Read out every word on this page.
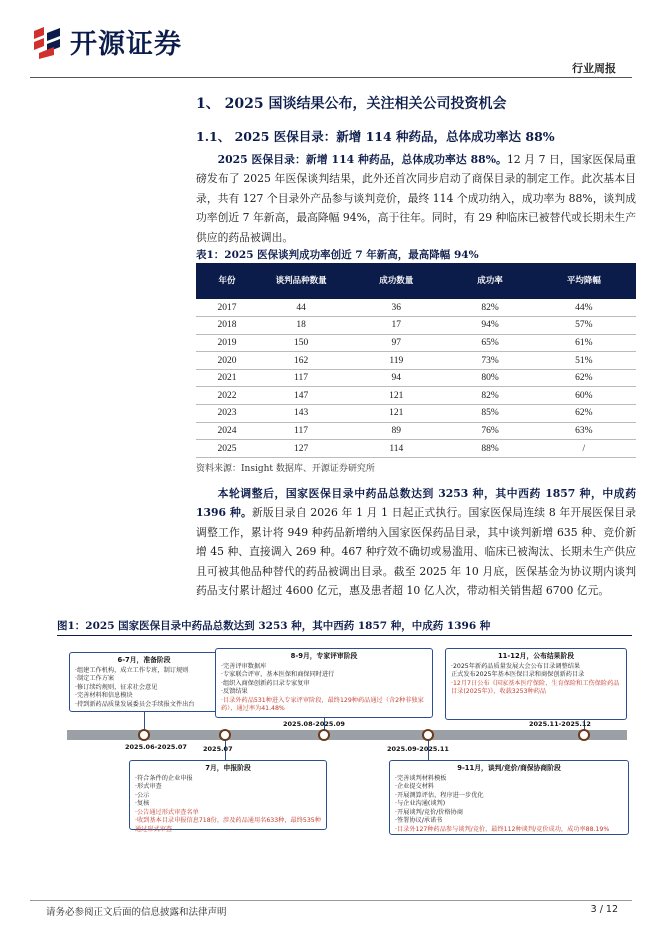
开源证券
行业周报
1、 2025 国谈结果公布，关注相关公司投资机会
1.1、 2025 医保目录：新增 114 种药品，总体成功率达 88%
2025 医保目录：新增 114 种药品，总体成功率达 88%。12 月 7 日，国家医保局重磅发布了 2025 年医保谈判结果，此外还首次同步启动了商保目录的制定工作。此次基本目录，共有 127 个目录外产品参与谈判竞价，最终 114 个成功纳入，成功率为 88%，谈判成功率创近 7 年新高，最高降幅 94%，高于往年。同时，有 29 种临床已被替代或长期未生产供应的药品被调出。
表1：2025 医保谈判成功率创近 7 年新高，最高降幅 94%
年份	谈判品种数量	成功数量	成功率	平均降幅
2017	44	36	82%	44%
2018	18	17	94%	57%
2019	150	97	65%	61%
2020	162	119	73%	51%
2021	117	94	80%	62%
2022	147	121	82%	60%
2023	143	121	85%	62%
2024	117	89	76%	63%
2025	127	114	88%	/
资料来源：Insight 数据库、开源证券研究所
本轮调整后，国家医保目录中药品总数达到 3253 种，其中西药 1857 种，中成药 1396 种。新版目录自 2026 年 1 月 1 日起正式执行。国家医保局连续 8 年开展医保目录调整工作，累计将 949 种药品新增纳入国家医保药品目录，其中谈判新增 635 种、竞价新增 45 种、直接调入 269 种。467 种疗效不确切或易滥用、临床已被淘汰、长期未生产供应且可被其他品种替代的药品被调出目录。截至 2025 年 10 月底，医保基金为协议期内谈判药品支付累计超过 4600 亿元，惠及患者超 10 亿人次，带动相关销售超 6700 亿元。
图1：2025 国家医保目录中药品总数达到 3253 种，其中西药 1857 种，中成药 1396 种
6-7月，准备阶段
·组建工作机构，成立工作专班，制订规则
·制定工作方案
·修订续约规则，征求社会意见
·完善材料和信息模块
·持到新药品质量发展委员会手续报文件出台
2025.06-2025.07
7月，申报阶段
·符合条件的企业申报
·形式审查
·公示
·复核
·公告通过形式审查名单
·收到基本目录申报信息718份，涉及药品通用名633种，最终535种通过形式审查
2025.07
8-9月，专家评审阶段
·完善评审数据库
·专家联合评审，基本医保和商保同时进行
·组织入商保创新药目录专家复审
·反馈结果
·目录外药品531种进入专家评审阶段，最终129种药品通过（含2种非独家药），通过率为41.48%
2025.08-2025.09
9-11月，谈判/竞价/商保协商阶段
·完善谈判材料模板
·企业提交材料
·开展测算评估，程序进一步优化
·与企业沟通(谈判)
·开展谈判/竞价/价格协商
·签署协议/承诺书
·目录外127种药品参与谈判/竞价，最终112种谈判/竞价成功，成功率88.19%
2025.09-2025.11
11-12月，公布结果阶段
·2025年新药品质量发展大会公布目录调整结果
正式发布2025年基本医保目录和商保创新药目录
·12月7日公布《国家基本医疗保险、生育保险和工伤保险药品目录(2025年)》，收载3253种药品
2025.11-2025.12
请务必参阅正文后面的信息披露和法律声明	3 / 12
